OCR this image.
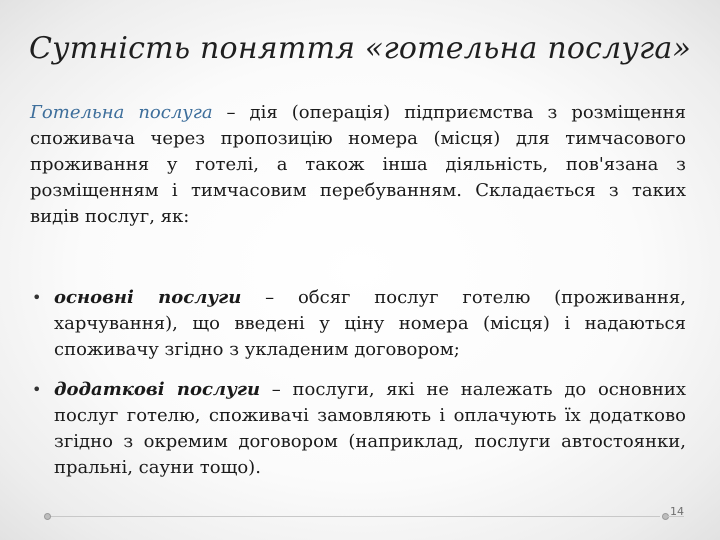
Сутність поняття «готельна послуга»

Готельна послуга – дія (операція) підприємства з розміщення споживача через пропозицію номера (місця) для тимчасового проживання у готелі, а також інша діяльність, пов'язана з розміщенням і тимчасовим перебуванням. Складається з таких видів послуг, як:

• основні послуги – обсяг послуг готелю (проживання, харчування), що введені у ціну номера (місця) і надаються споживачу згідно з укладеним договором;
• додаткові послуги – послуги, які не належать до основних послуг готелю, споживачі замовляють і оплачують їх додатково згідно з окремим договором (наприклад, послуги автостоянки, пральні, сауни тощо).
14
